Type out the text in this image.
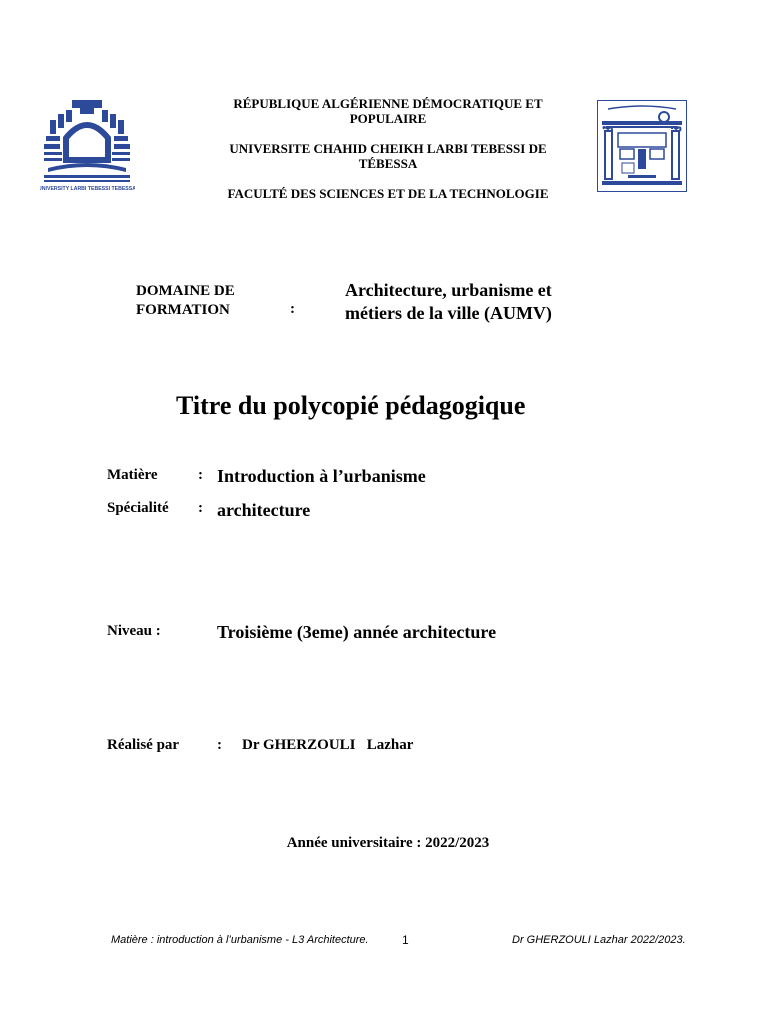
UNIVERSITY LARBI TEBESSI TEBESSA
RÉPUBLIQUE ALGÉRIENNE DÉMOCRATIQUE ET
POPULAIRE
UNIVERSITE CHAHID CHEIKH LARBI TEBESSI DE
TÉBESSA
FACULTÉ DES SCIENCES ET DE LA TECHNOLOGIE
DOMAINE DE
FORMATION	:
Architecture, urbanisme et
métiers de la ville (AUMV)
Titre du polycopié pédagogique
Matière	: Introduction à l’urbanisme
Spécialité : architecture
Niveau :	Troisième (3eme) année architecture
Réalisé par	: Dr GHERZOULI   Lazhar
Année universitaire : 2022/2023
Matière : introduction à l’urbanisme - L3 Architecture.	1	Dr GHERZOULI Lazhar 2022/2023.
